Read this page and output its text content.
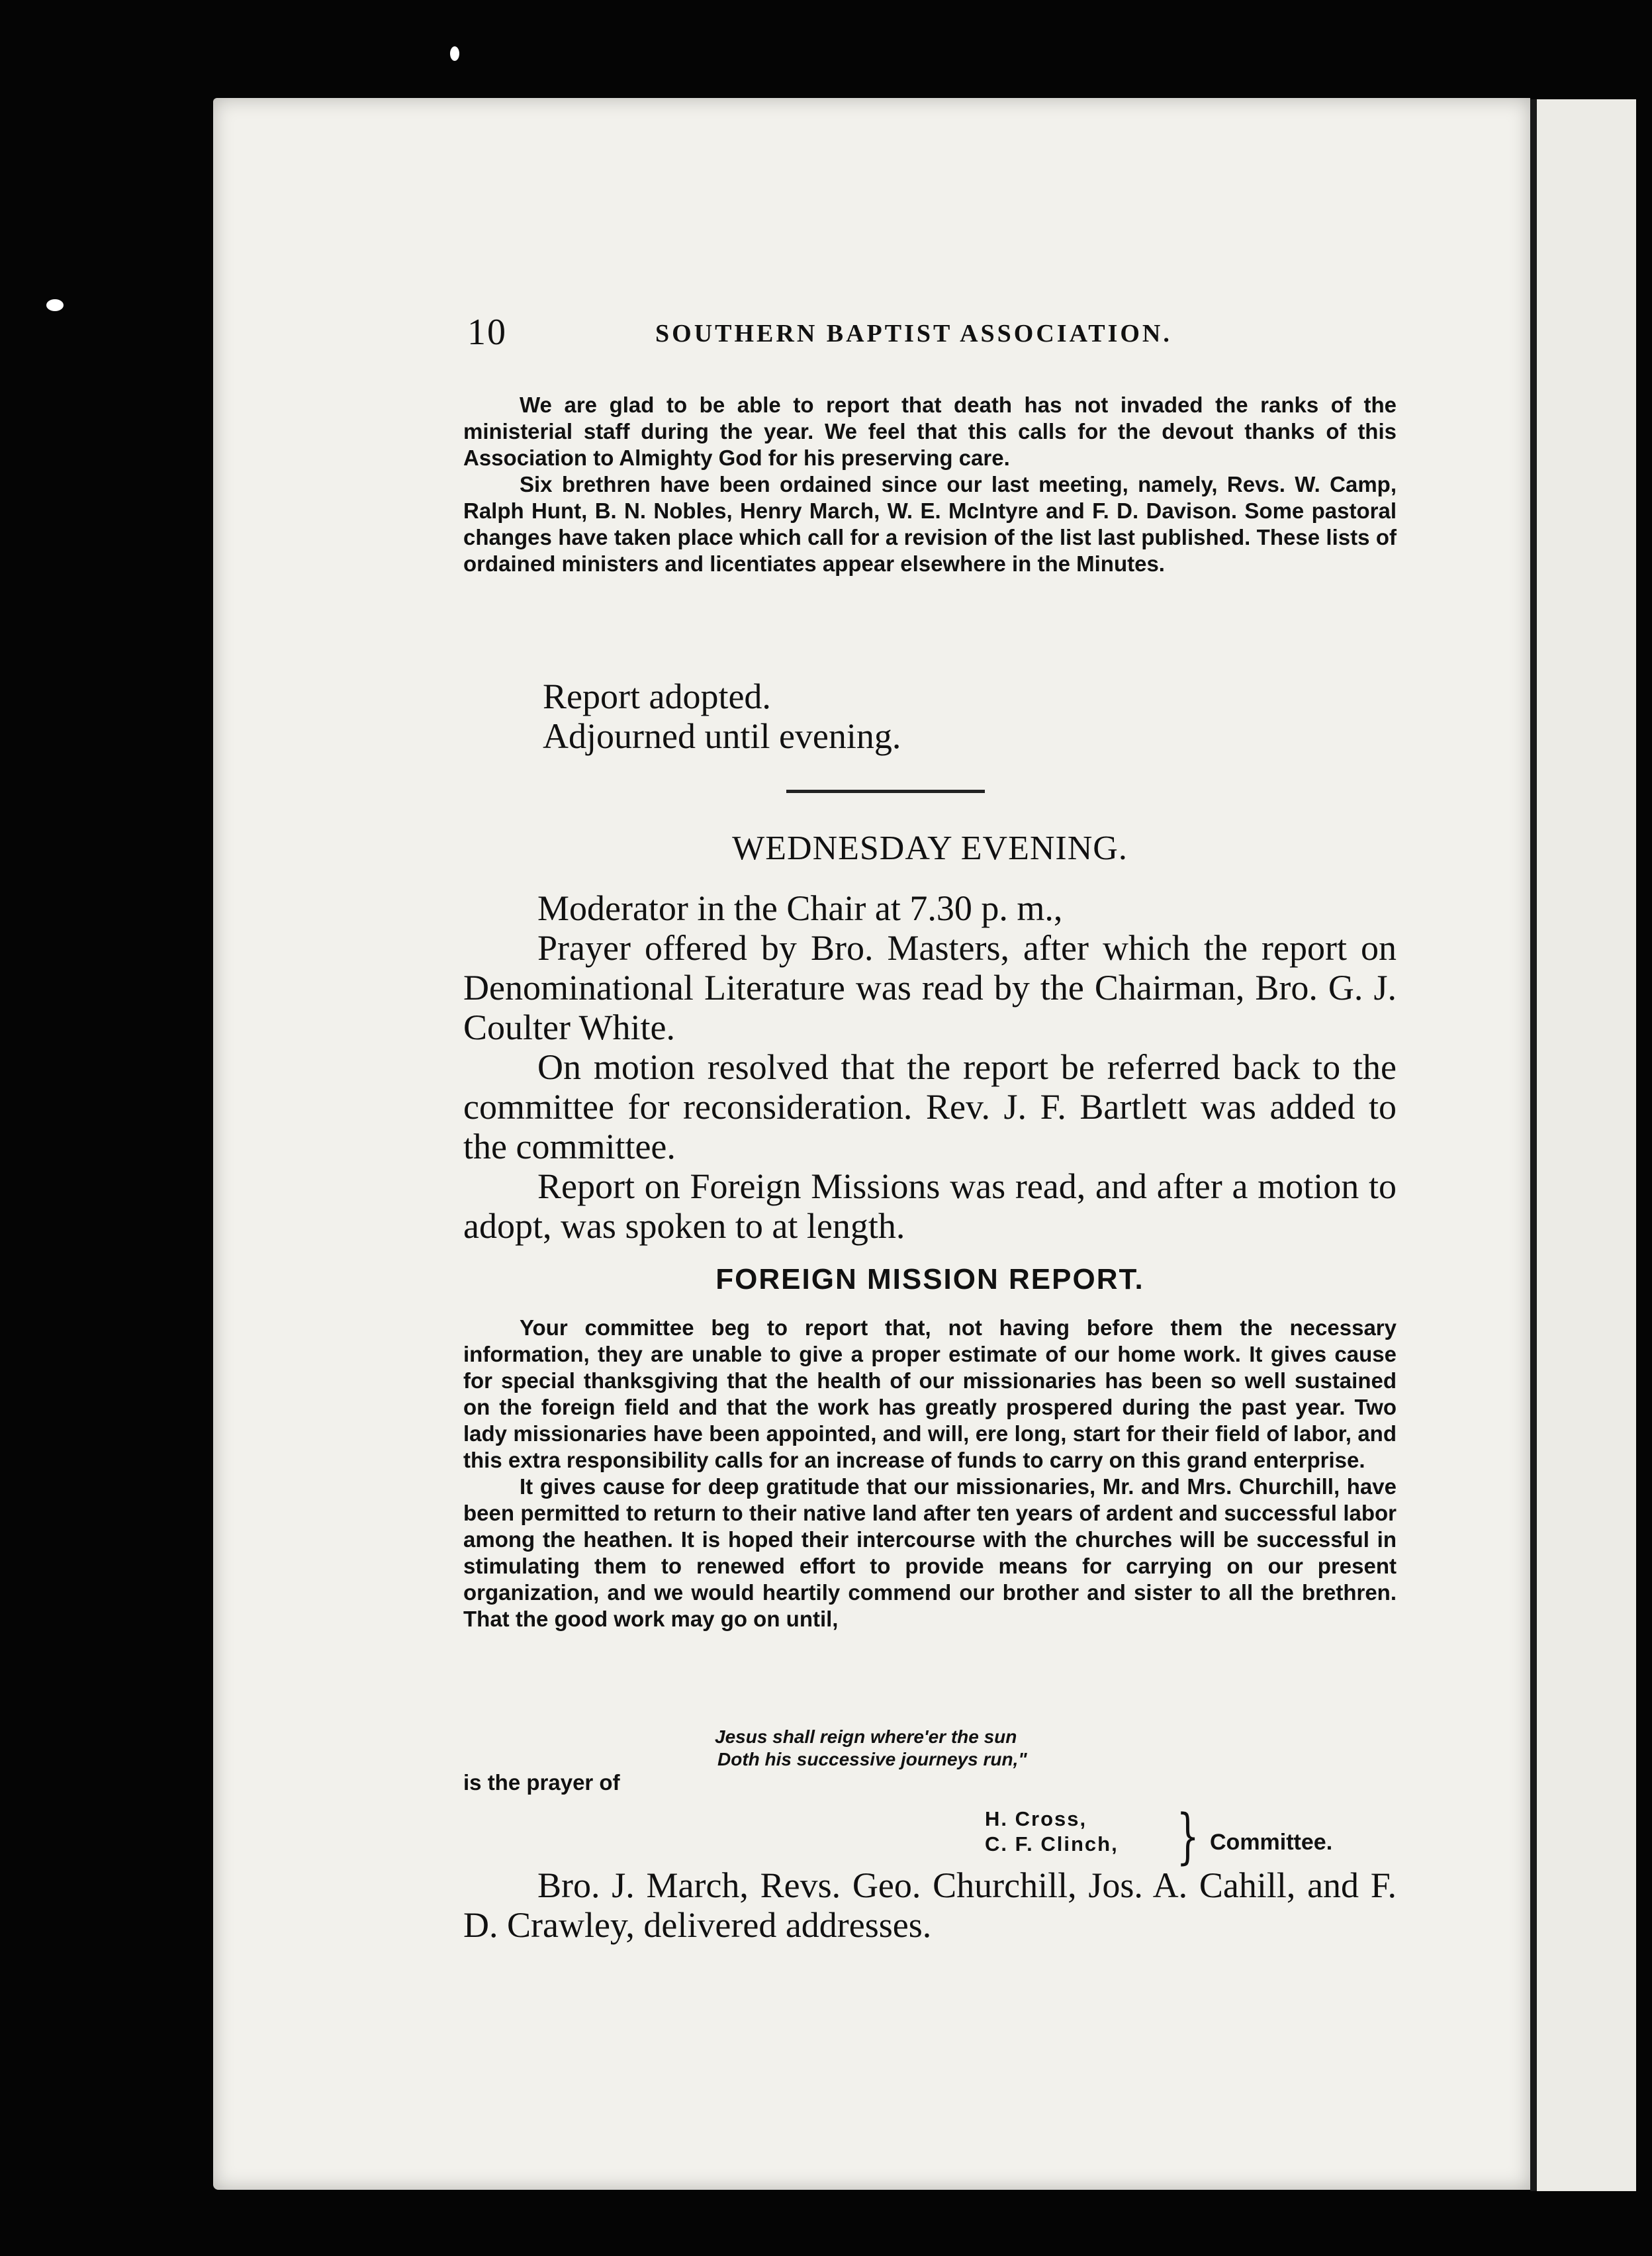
10	SOUTHERN BAPTIST ASSOCIATION.

We are glad to be able to report that death has not invaded the ranks of the ministerial staff during the year. We feel that this calls for the devout thanks of this Association to Almighty God for his preserving care.

Six brethren have been ordained since our last meeting, namely, Revs. W. Camp, Ralph Hunt, B. N. Nobles, Henry March, W. E. McIntyre and F. D. Davison. Some pastoral changes have taken place which call for a revision of the list last published. These lists of ordained ministers and licentiates appear elsewhere in the Minutes.

Report adopted.

Adjourned until evening.

WEDNESDAY EVENING.

Moderator in the Chair at 7.30 p. m.,

Prayer offered by Bro. Masters, after which the report on Denominational Literature was read by the Chairman, Bro. G. J. Coulter White.

On motion resolved that the report be referred back to the committee for reconsideration. Rev. J. F. Bartlett was added to the committee.

Report on Foreign Missions was read, and after a motion to adopt, was spoken to at length.

FOREIGN MISSION REPORT.

Your committee beg to report that, not having before them the necessary information, they are unable to give a proper estimate of our home work. It gives cause for special thanksgiving that the health of our missionaries has been so well sustained on the foreign field and that the work has greatly prospered during the past year. Two lady missionaries have been appointed, and will, ere long, start for their field of labor, and this extra responsibility calls for an increase of funds to carry on this grand enterprise.

It gives cause for deep gratitude that our missionaries, Mr. and Mrs. Churchill, have been permitted to return to their native land after ten years of ardent and successful labor among the heathen. It is hoped their intercourse with the churches will be successful in stimulating them to renewed effort to provide means for carrying on our present organization, and we would heartily commend our brother and sister to all the brethren. That the good work may go on until,

Jesus shall reign where'er the sun
Doth his successive journeys run,"
is the prayer of
H. Cross,
C. F. Clinch, } Committee.

Bro. J. March, Revs. Geo. Churchill, Jos. A. Cahill, and F. D. Crawley, delivered addresses.
